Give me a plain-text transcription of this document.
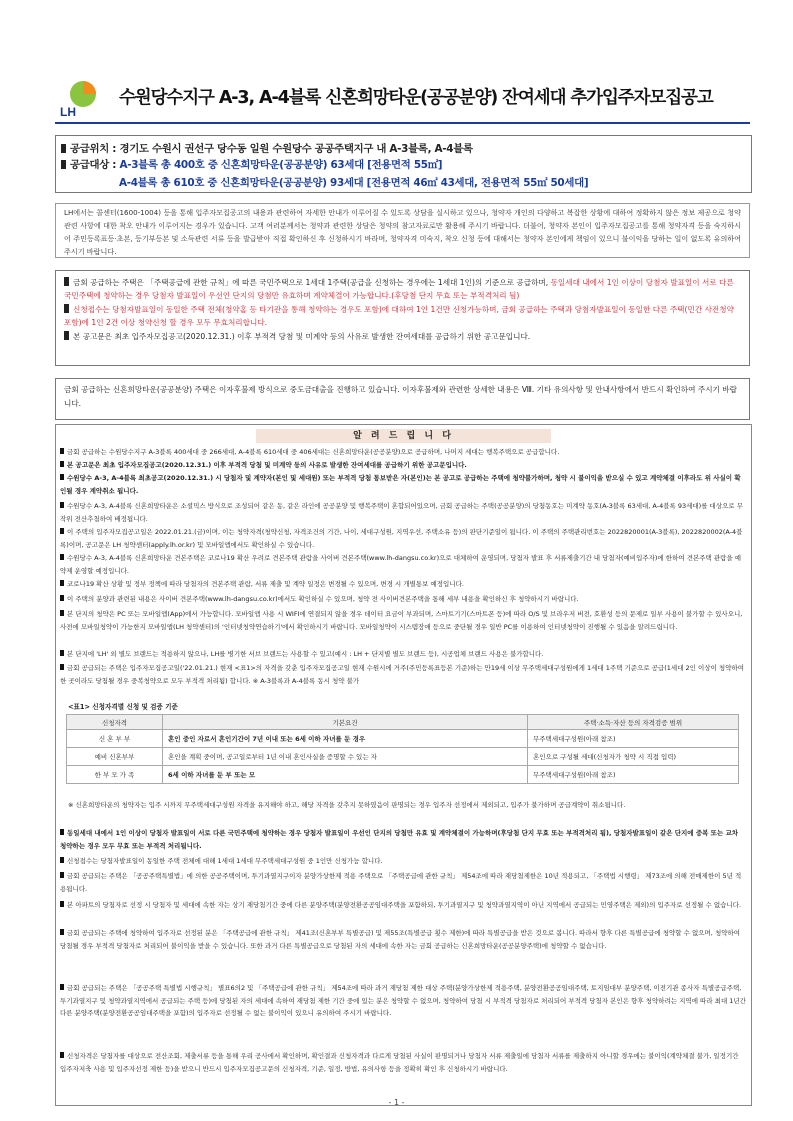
LH
수원당수지구 A-3, A-4블록 신혼희망타운(공공분양) 잔여세대 추가입주자모집공고
공급위치 : 경기도 수원시 권선구 당수동 일원 수원당수 공공주택지구 내 A-3블록, A-4블록
공급대상 : A-3블록 총 400호 중 신혼희망타운(공공분양) 63세대 [전용면적 55㎡]
A-4블록 총 610호 중 신혼희망타운(공공분양) 93세대 [전용면적 46㎡ 43세대, 전용면적 55㎡ 50세대]
LH에서는 콜센터(1600-1004) 등을 통해 입주자모집공고의 내용과 관련하여 자세한 안내가 이루어질 수 있도록 상담을 실시하고 있으나, 청약자 개인의 다양하고 복잡한 상황에 대하여 정확하지 않은 정보 제공으로 청약관련 사항에 대한 착오 안내가 이루어지는 경우가 있습니다. 고객 여러분께서는 청약과 관련한 상담은 청약의 참고자료로만 활용해 주시기 바랍니다. 더불어, 청약자 본인이 입주자모집공고를 통해 청약자격 등을 숙지하시어 주민등록표등·초본, 등기부등본 및 소득관련 서류 등을 발급받아 직접 확인하신 후 신청하시기 바라며, 청약자격 미숙지, 착오 신청 등에 대해서는 청약자 본인에게 책임이 있으니 불이익을 당하는 일이 없도록 유의하여 주시기 바랍니다.

금회 공급하는 주택은 「주택공급에 관한 규칙」에 따른 국민주택으로 1세대 1주택(공급을 신청하는 경우에는 1세대 1인)의 기준으로 공급하며, 동일세대 내에서 1인 이상이 당첨자 발표일이 서로 다른 국민주택에 청약하는 경우 당첨자 발표일이 우선인 단지의 당첨만 유효하며 계약체결이 가능합니다.(후당첨 단지 무효 또는 부적격처리 됨)

신청접수는 당첨자발표일이 동일한 주택 전체(청약홈 등 타기관을 통해 청약하는 경우도 포함)에 대하여 1인 1건만 신청가능하며, 금회 공급하는 주택과 당첨자발표일이 동일한 다른 주택(민간 사전청약포함)에 1인 2건 이상 청약신청 할 경우 모두 무효처리합니다.

본 공고문은 최초 입주자모집공고(2020.12.31.) 이후 부적격 당첨 및 미계약 등의 사유로 발생한 잔여세대를 공급하기 위한 공고문입니다.

금회 공급하는 신혼희망타운(공공분양) 주택은 이자후불제 방식으로 중도금대출을 진행하고 있습니다. 이자후불제와 관련한 상세한 내용은 Ⅷ. 기타 유의사항 및 안내사항에서 반드시 확인하여 주시기 바랍니다.
알 려 드 립 니 다
금회 공급하는 수원당수지구 A-3블록 400세대 중 266세대, A-4블록 610세대 중 406세대는 신혼희망타운(공공분양)으로 공급하며, 나머지 세대는 행복주택으로 공급합니다.
본 공고문은 최초 입주자모집공고(2020.12.31.) 이후 부적격 당첨 및 미계약 등의 사유로 발생한 잔여세대를 공급하기 위한 공고문입니다.
수원당수 A-3, A-4블록 최초공고(2020.12.31.) 시 당첨자 및 계약자(본인 및 세대원) 또는 부적격 당첨 통보받은 자(본인)는 본 공고로 공급하는 주택에 청약불가하며, 청약 시 불이익을 받으실 수 있고 계약체결 이후라도 위 사실이 확인될 경우 계약취소 됩니다.
수원당수 A-3, A-4블록 신혼희망타운은 소셜믹스 방식으로 조성되어 같은 동, 같은 라인에 공공분양 및 행복주택이 혼합되어있으며, 금회 공급하는 주택(공공분양)의 당첨동호는 미계약 동호(A-3블록 63세대, A-4블록 93세대)를 대상으로 무작위 전산추첨하여 배정됩니다.
이 주택의 입주자모집공고일은 2022.01.21.(금)이며, 이는 청약자격(청약신청, 자격조건의 기간, 나이, 세대구성원, 지역우선, 주택소유 등)의 판단기준일이 됩니다. 이 주택의 주택관리번호는 2022820001(A-3블록), 2022820002(A-4블록)이며, 공고문은 LH 청약센터(apply.lh.or.kr) 및 모바일앱에서도 확인하실 수 있습니다.
수원당수 A-3, A-4블록 신혼희망타운 견본주택은 코로나19 확산 우려로 견본주택 관람을 사이버 견본주택(www.lh-dangsu.co.kr)으로 대체하여 운영되며, 당첨자 발표 후 서류제출기간 내 당첨자(예비입주자)에 한하여 견본주택 관람을 예약제 운영할 예정입니다.
코로나19 확산 상황 및 정부 정책에 따라 당첨자의 견본주택 관람, 서류 제출 및 계약 일정은 변경될 수 있으며, 변경 시 개별통보 예정입니다.
이 주택의 분양과 관련된 내용은 사이버 견본주택(www.lh-dangsu.co.kr)에서도 확인하실 수 있으며, 청약 전 사이버견본주택을 통해 세부 내용을 확인하신 후 청약하시기 바랍니다.
본 단지의 청약은 PC 또는 모바일앱(App)에서 가능합니다. 모바일앱 사용 시 WIFI에 연결되지 않을 경우 데이터 요금이 부과되며, 스마트기기(스마트폰 등)에 따라 O/S 및 브라우저 버전, 호환성 등의 문제로 일부 사용이 불가할 수 있사오니, 사전에 모바일청약이 가능한지 모바일앱(LH 청약센터)의 '인터넷청약연습하기'에서 확인하시기 바랍니다. 모바일청약이 시스템장애 등으로 중단될 경우 일반 PC를 이용하여 인터넷청약이 진행될 수 있음을 알려드립니다.
본 단지에 'LH' 외 별도 브랜드는 적용하지 않으나, LH를 병기한 서브 브랜드는 사용할 수 있고(예시 : LH + 단지별 별도 브랜드 등), 시공업체 브랜드 사용은 불가합니다.
금회 공급되는 주택은 입주자모집공고일('22.01.21.) 현재 <표1>의 자격을 갖춘 입주자모집공고일 현재 수원시에 거주(주민등록표등본 기준)하는 만19세 이상 무주택세대구성원에게 1세대 1주택 기준으로 공급(1세대 2인 이상이 청약하여 한 곳이라도 당첨될 경우 중복청약으로 모두 부적격 처리됨) 합니다. ※ A-3블록과 A-4블록 동시 청약 불가
<표1> 신청자격별 신청 및 검증 기준
신청자격	기본요건	주택·소득·자산 등의 자격검증 범위
신 혼 부 부	혼인 중인 자로서 혼인기간이 7년 이내 또는 6세 이하 자녀를 둔 경우	무주택세대구성원(아래 참조)
예비 신혼부부	혼인을 계획 중이며, 공고일로부터 1년 이내 혼인사실을 증명할 수 있는 자	혼인으로 구성될 세대(신청자가 청약 시 직접 입력)
한 부 모 가 족	6세 이하 자녀를 둔 부 또는 모	무주택세대구성원(아래 참조)
※ 신혼희망타운의 청약자는 입주 시까지 무주택세대구성원 자격을 유지해야 하고, 해당 자격을 갖추지 못하였음이 판명되는 경우 입주자 선정에서 제외되고, 입주가 불가하며 공급계약이 취소됩니다.
동일세대 내에서 1인 이상이 당첨자 발표일이 서로 다른 국민주택에 청약하는 경우 당첨자 발표일이 우선인 단지의 당첨만 유효 및 계약체결이 가능하며(후당첨 단지 무효 또는 부적격처리 됨), 당첨자발표일이 같은 단지에 중복 또는 교차 청약하는 경우 모두 무효 또는 부적격 처리됩니다.
신청접수는 당첨자발표일이 동일한 주택 전체에 대해 1세대 1세대 무주택세대구성원 중 1인만 신청가능 합니다.
금회 공급되는 주택은 「공공주택특별법」에 의한 공공주택이며, 투기과열지구이자 분양가상한제 적용 주택으로 「주택공급에 관한 규칙」 제54조에 따라 재당첨제한은 10년 적용되고, 「주택법 시행령」 제73조에 의해 전매제한이 5년 적용됩니다.
본 아파트의 당첨자로 선정 시 당첨자 및 세대에 속한 자는 상기 재당첨기간 중에 다른 분양주택(분양전환공공임대주택을 포함하되, 투기과열지구 및 청약과열지역이 아닌 지역에서 공급되는 민영주택은 제외)의 입주자로 선정될 수 없습니다.
금회 공급되는 주택에 청약하여 입주자로 선정된 분은 「주택공급에 관한 규칙」 제41조(신혼부부 특별공급) 및 제55조(특별공급 횟수 제한)에 따라 특별공급을 받은 것으로 봅니다. 따라서 향후 다른 특별공급에 청약할 수 없으며, 청약하여 당첨될 경우 부적격 당첨자로 처리되어 불이익을 받을 수 있습니다. 또한 과거 다른 특별공급으로 당첨된 자의 세대에 속한 자는 금회 공급하는 신혼희망타운(공공분양주택)에 청약할 수 없습니다.
금회 공급되는 주택은 「공공주택 특별법 시행규칙」 별표6의2 및 「주택공급에 관한 규칙」 제54조에 따라 과거 재당첨 제한 대상 주택(분양가상한제 적용주택, 분양전환공공임대주택, 토지임대부 분양주택, 이전기관 종사자 특별공급주택, 투기과열지구 및 청약과열지역에서 공급되는 주택 등)에 당첨된 자의 세대에 속하여 재당첨 제한 기간 중에 있는 분은 청약할 수 없으며, 청약하여 당첨 시 부적격 당첨자로 처리되어 부적격 당첨자 본인은 향후 청약하려는 지역에 따라 최대 1년간 다른 분양주택(분양전환공공임대주택을 포함)의 입주자로 선정될 수 없는 불이익이 있으니 유의하여 주시기 바랍니다.
신청자격은 당첨자를 대상으로 전산조회, 제출서류 등을 통해 우리 공사에서 확인하며, 확인결과 신청자격과 다르게 당첨된 사실이 판명되거나 당첨자 서류 제출일에 당첨자 서류를 제출하지 아니할 경우에는 불이익(계약체결 불가, 일정기간 입주자저축 사용 및 입주자선정 제한 등)을 받으니 반드시 입주자모집공고문의 신청자격, 기준, 일정, 방법, 유의사항 등을 정확히 확인 후 신청하시기 바랍니다.
- 1 -
